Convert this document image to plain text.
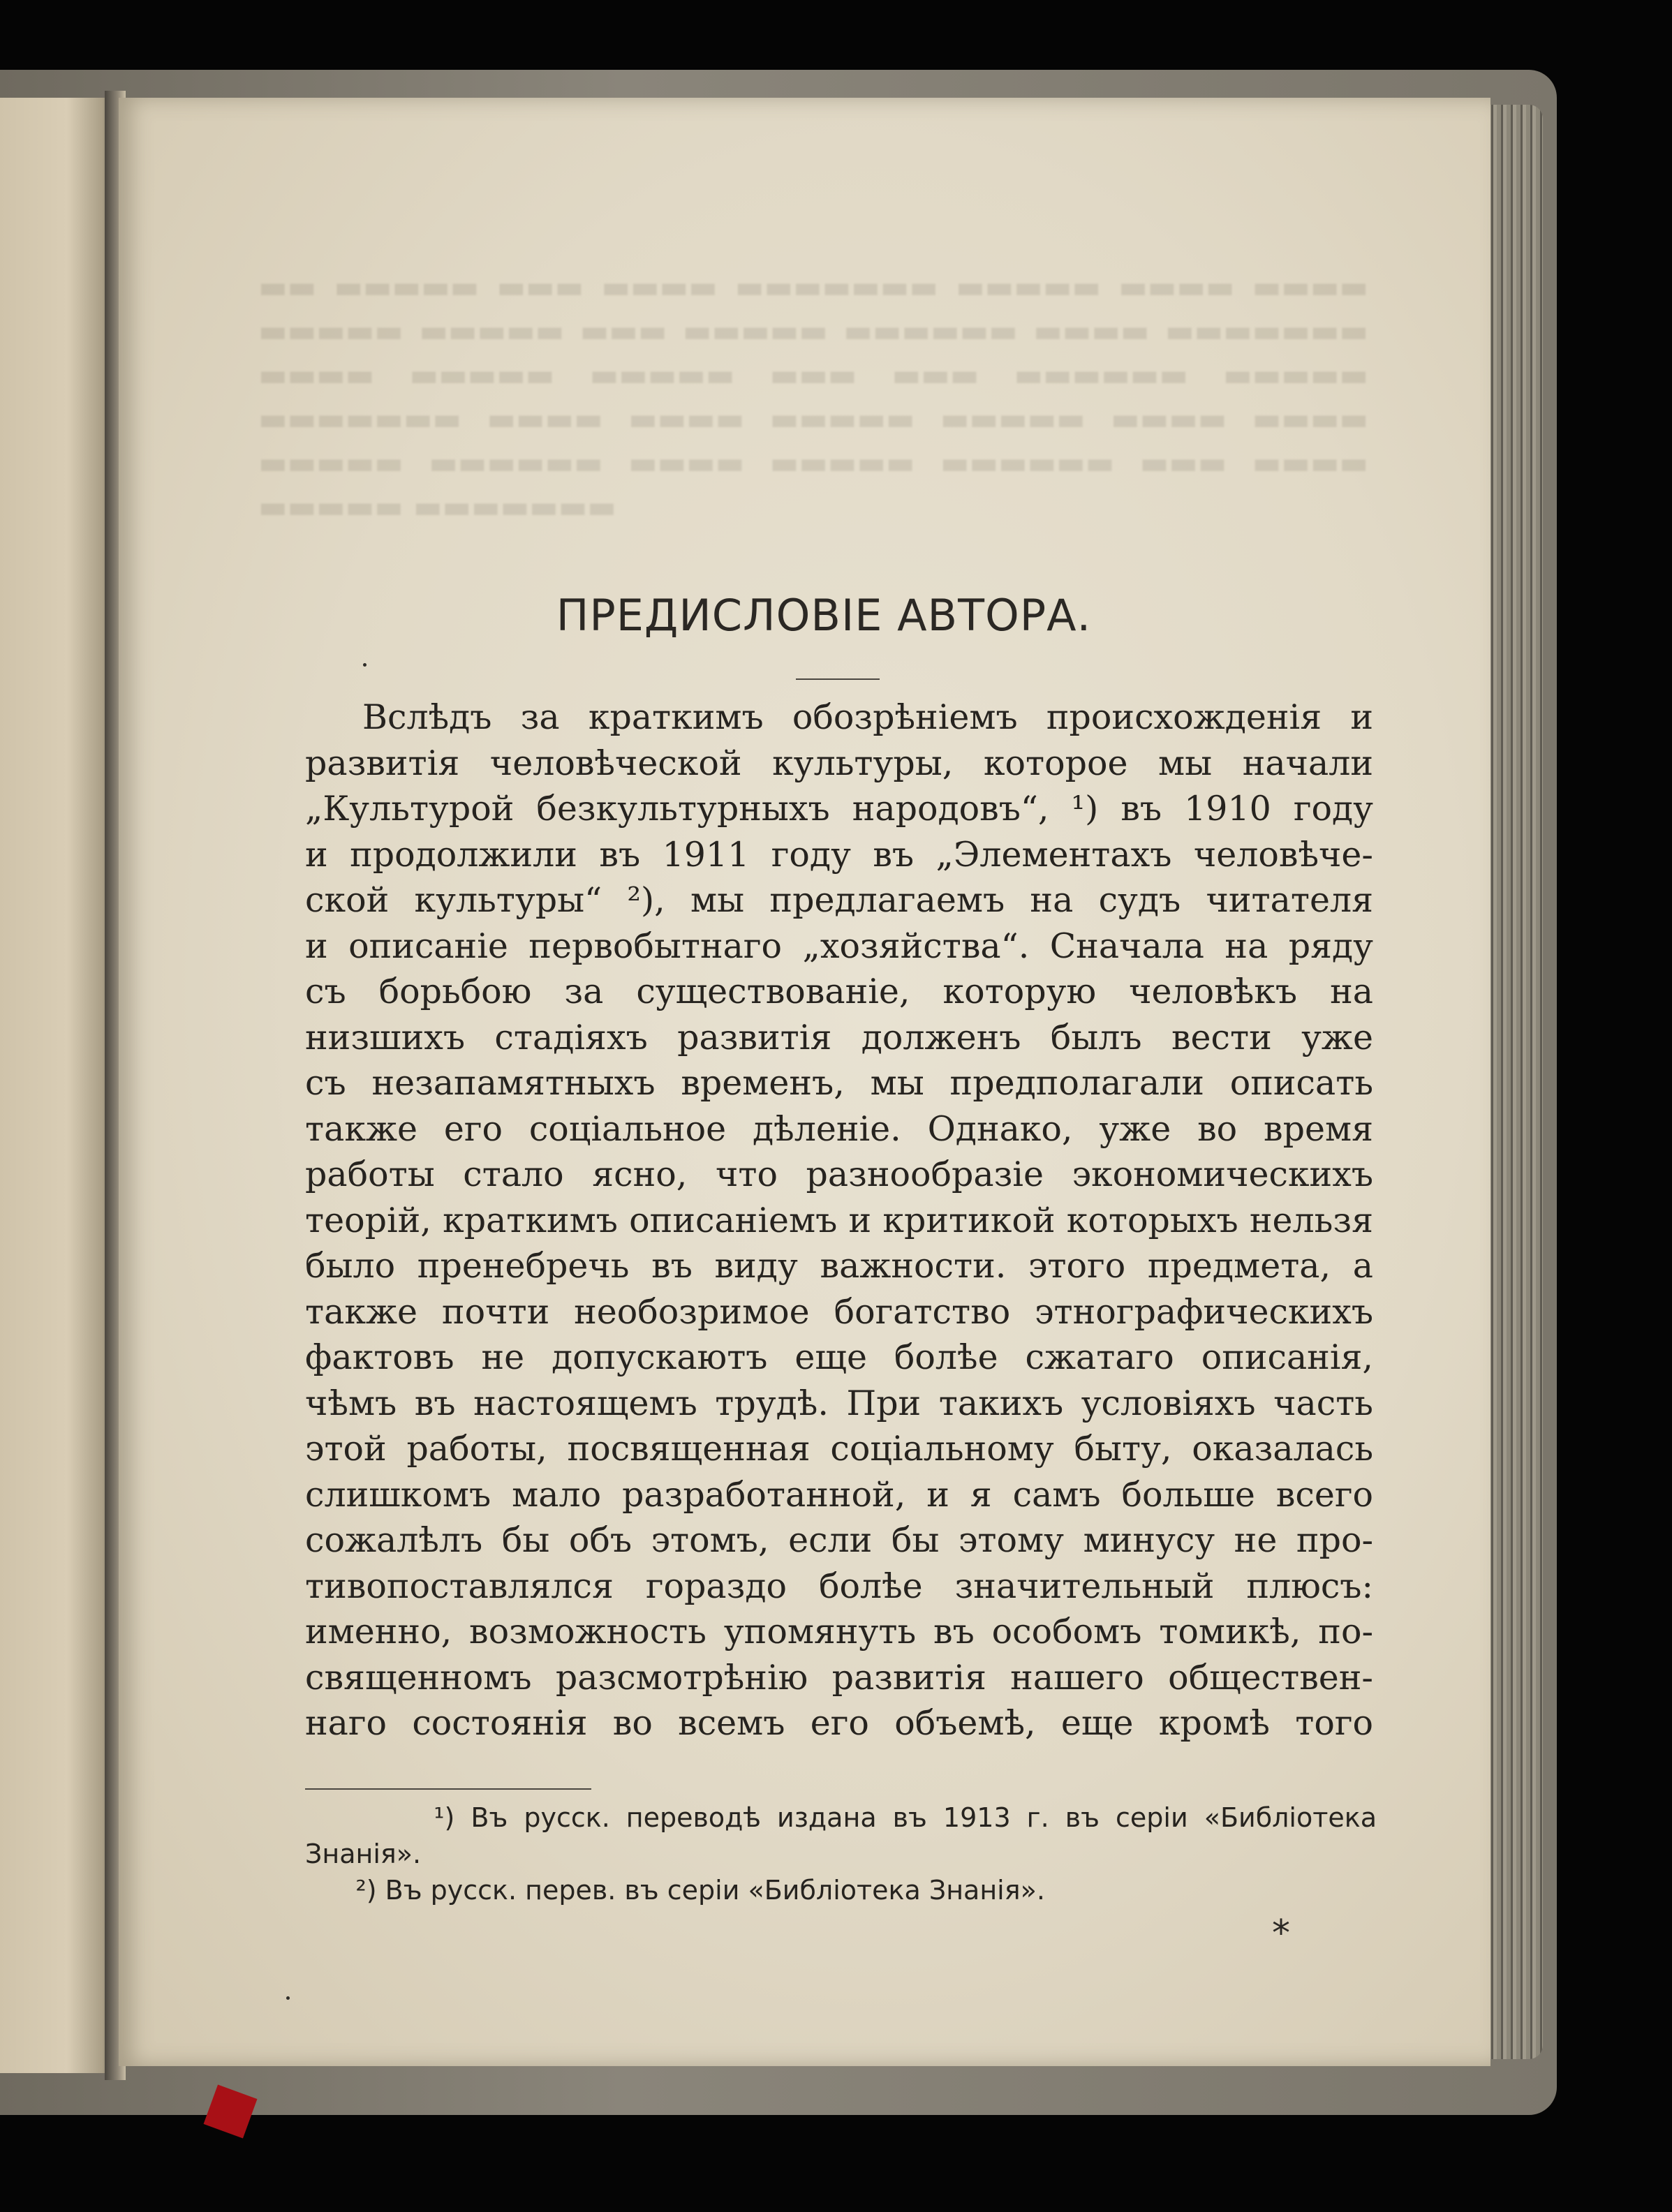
▬▬ ▬▬▬▬▬ ▬▬▬ ▬▬▬▬ ▬▬▬▬▬▬▬ ▬▬▬▬▬ ▬▬▬▬ ▬▬▬▬ ▬▬▬▬▬ ▬▬▬▬▬ ▬▬▬ ▬▬▬▬▬ ▬▬▬▬▬▬ ▬▬▬▬ ▬▬▬▬▬▬▬ ▬▬▬▬ ▬▬▬▬▬ ▬▬▬▬▬ ▬▬▬ ▬▬▬ ▬▬▬▬▬▬ ▬▬▬▬▬ ▬▬▬▬▬▬▬ ▬▬▬▬ ▬▬▬▬ ▬▬▬▬▬ ▬▬▬▬▬ ▬▬▬▬ ▬▬▬▬ ▬▬▬▬▬ ▬▬▬▬▬▬ ▬▬▬▬ ▬▬▬▬▬ ▬▬▬▬▬▬ ▬▬▬ ▬▬▬▬ ▬▬▬▬▬ ▬▬▬▬▬▬▬
ПРЕДИСЛОВІЕ АВТОРА.
Вслѣдъ за краткимъ обозрѣніемъ происхожденія и
развитія человѣческой культуры, которое мы начали
„Культурой безкультурныхъ народовъ“, ¹) въ 1910 году
и продолжили въ 1911 году въ „Элементахъ человѣче-
ской культуры“ ²), мы предлагаемъ на судъ читателя
и описаніе первобытнаго „хозяйства“. Сначала на ряду
съ борьбою за существованіе, которую человѣкъ на
низшихъ стадіяхъ развитія долженъ былъ вести уже
съ незапамятныхъ временъ, мы предполагали описать
также его соціальное дѣленіе. Однако, уже во время
работы стало ясно, что разнообразіе экономическихъ
теорій, краткимъ описаніемъ и критикой которыхъ нельзя
было пренебречь въ виду важности. этого предмета, а
также почти необозримое богатство этнографическихъ
фактовъ не допускаютъ еще болѣе сжатаго описанія,
чѣмъ въ настоящемъ трудѣ. При такихъ условіяхъ часть
этой работы, посвященная соціальному быту, оказалась
слишкомъ мало разработанной, и я самъ больше всего
сожалѣлъ бы объ этомъ, если бы этому минусу не про-
тивопоставлялся гораздо болѣе значительный плюсъ:
именно, возможность упомянуть въ особомъ томикѣ, по-
священномъ разсмотрѣнію развитія нашего обществен-
наго состоянія во всемъ его объемѣ, еще кромѣ того
¹) Въ русск. переводѣ издана въ 1913 г. въ серіи «Библіотека
Знанія».
²) Въ русск. перев. въ серіи «Библіотека Знанія».
*
